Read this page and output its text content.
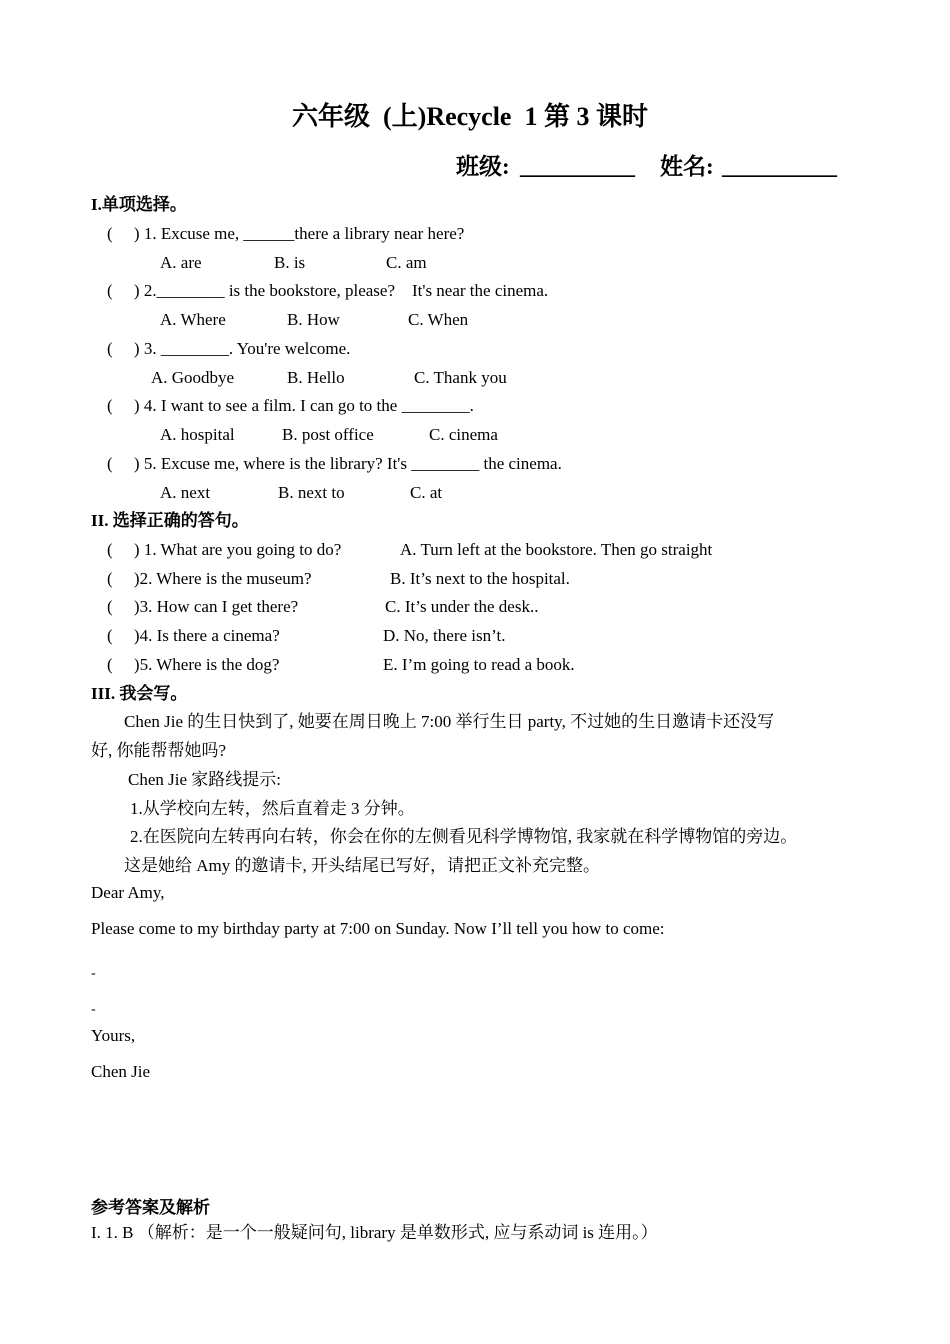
六年级  (上)Recycle  1 第 3 课时
班级: __________ 姓名: __________
I.单项选择。
(     ) 1. Excuse me, ______there a library near here?
A. are	B. is	C. am
(     ) 2.________ is the bookstore, please?    It's near the cinema.
A. Where	B. How	C. When
(     ) 3. ________. You're welcome.
A. Goodbye	B. Hello	C. Thank you
(     ) 4. I want to see a film. I can go to the ________.
A. hospital	B. post office	C. cinema
(     ) 5. Excuse me, where is the library? It's ________ the cinema.
A. next	B. next to	C. at
II. 选择正确的答句。
(     ) 1. What are you going to do?	A. Turn left at the bookstore. Then go straight
(     )2. Where is the museum?	B. It’s next to the hospital.
(     )3. How can I get there?	C. It’s under the desk..
(     )4. Is there a cinema?	D. No, there isn’t.
(     )5. Where is the dog?	E. I’m going to read a book.
III. 我会写。
Chen Jie 的生日快到了, 她要在周日晚上 7:00 举行生日 party, 不过她的生日邀请卡还没写
好, 你能帮帮她吗?
Chen Jie 家路线提示:
1.从学校向左转，然后直着走 3 分钟。
2.在医院向左转再向右转，你会在你的左侧看见科学博物馆, 我家就在科学博物馆的旁边。
这是她给 Amy 的邀请卡, 开头结尾已写好，请把正文补充完整。
Dear Amy,
Please come to my birthday party at 7:00 on Sunday. Now I’ll tell you how to come:
-
-
Yours,
Chen Jie
参考答案及解析
I. 1. B （解析：是一个一般疑问句, library 是单数形式, 应与系动词 is 连用。）
